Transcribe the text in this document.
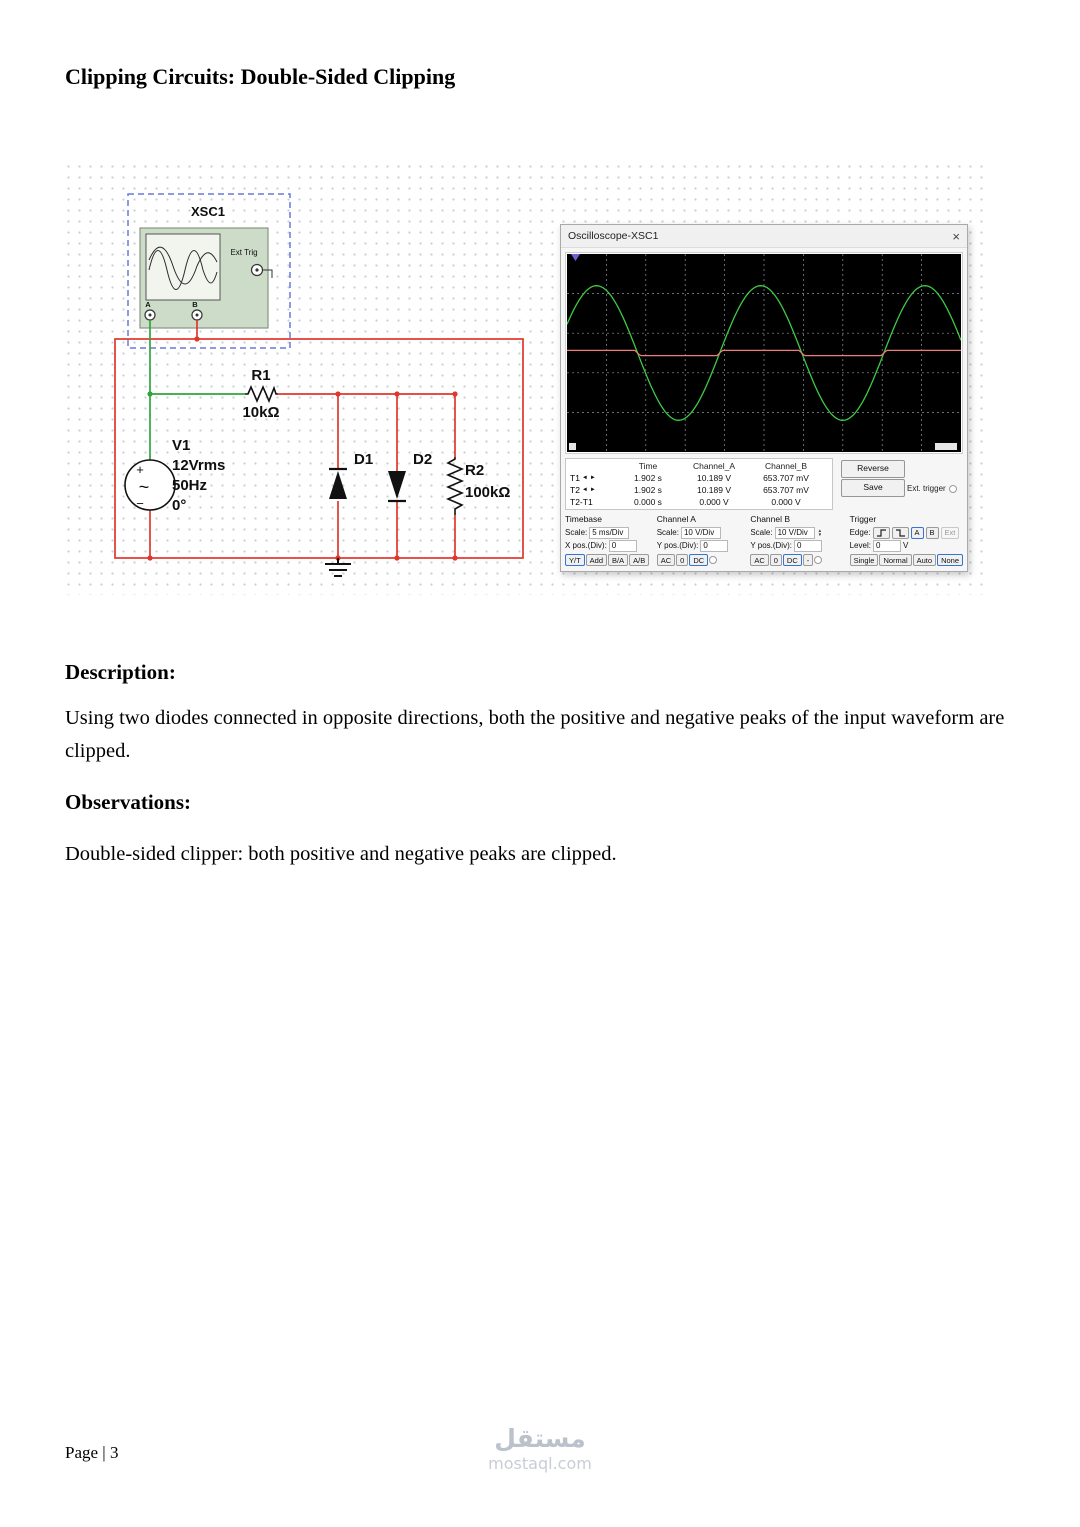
Clipping Circuits: Double-Sided Clipping
XSC1
Ext Trig
A	B
R1
10kΩ
+
~
−
V1
12Vrms
50Hz
0°
D1	D2
R2
100kΩ
Oscilloscope-XSC1	×
Time	Channel_A	Channel_B
T1 ◄ ►	1.902 s	10.189 V	653.707 mV
T2 ◄ ►	1.902 s	10.189 V	653.707 mV
T2-T1	0.000 s	0.000 V	0.000 V
Reverse
Save	Ext. trigger
Timebase
Scale: 5 ms/Div
X pos.(Div): 0
Y/T	Add	B/A	A/B
Channel A
Scale: 10 V/Div
Y pos.(Div): 0
AC	0	DC
Channel B
Scale: 10 V/Div	▲
▼
Y pos.(Div): 0
AC	0	DC	-
Trigger
Edge:	A	B	Ext
Level: 0	V
Single	Normal	Auto	None
Description:

Using two diodes connected in opposite directions, both the positive and negative peaks of the input waveform are clipped.

Observations:

Double-sided clipper: both positive and negative peaks are clipped.

Page | 3	مستقل
mostaql.com
